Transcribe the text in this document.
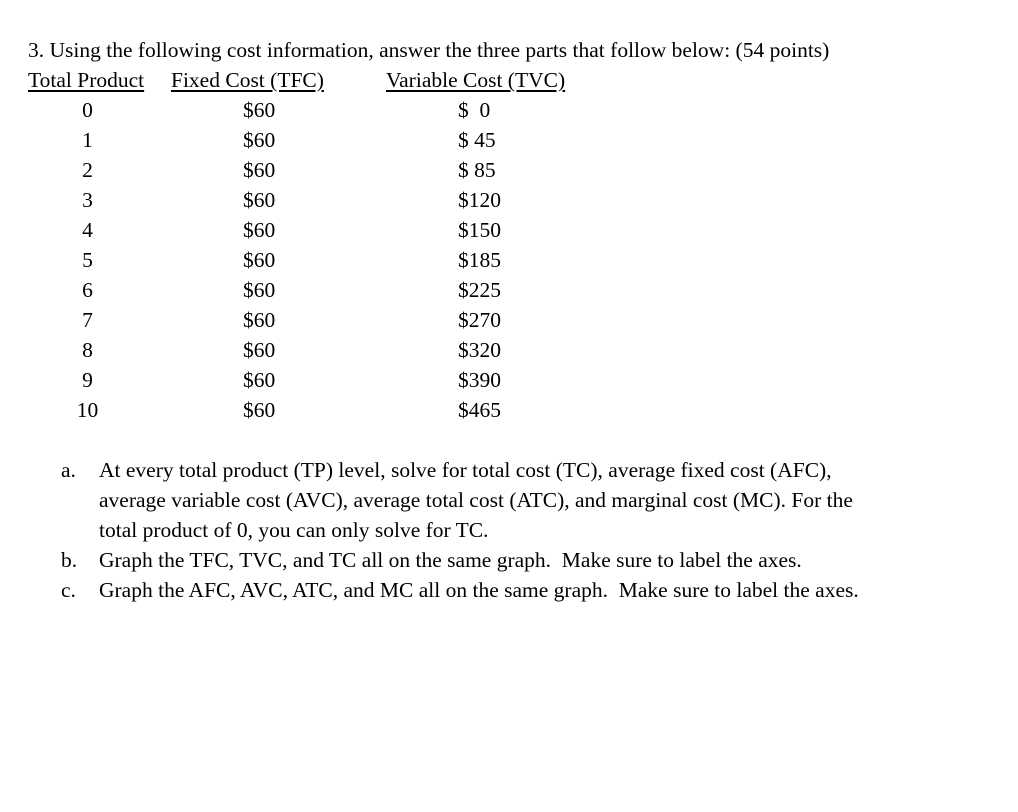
3. Using the following cost information, answer the three parts that follow below: (54 points)
Total Product Fixed Cost (TFC)	Variable Cost (TVC)
0	$60	$  0
1	$60	$ 45
2	$60	$ 85
3	$60	$120
4	$60	$150
5	$60	$185
6	$60	$225
7	$60	$270
8	$60	$320
9	$60	$390
10	$60	$465
a. At every total product (TP) level, solve for total cost (TC), average fixed cost (AFC),
average variable cost (AVC), average total cost (ATC), and marginal cost (MC). For the
total product of 0, you can only solve for TC.
b. Graph the TFC, TVC, and TC all on the same graph.  Make sure to label the axes.
c. Graph the AFC, AVC, ATC, and MC all on the same graph.  Make sure to label the axes.
